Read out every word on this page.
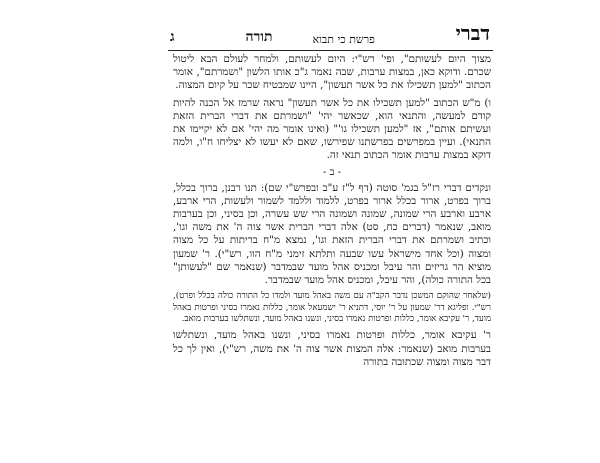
דברי
פרשת כי תבוא
תורה
ג

מצוך היום לעשותם", ופי' רש"י: היום לעשותם, ולמחר לעולם הבא ליטול שכרם. ודוקא כאן, במצות ערבות, שבה נאמר ג"כ אותו הלשון "ושמרתם", אומר הכתוב "למען תשכילו את כל אשר תעשון", היינו שמבטיח שכר על קיום המצוה.

ו) מ"ש הכתוב "למען תשכילו את כל אשר תעשון" נראה שרמז אל הכנה להיות קודם למעשה, והתנאי הוא, שכאשר יהי' "ושמרתם את דברי הברית הזאת ועשיתם אותם", אז "למען תשכילו גו'" (ואינו אומר מה יהי' אם לא יקיימו את התנאי). ועיין במפרשים בפרשתנו שפירשו, שאם לא יעשו לא יצליחו ח"ו, ולמה דוקא במצות ערבות אומר הכתוב תנאי זה.

- ב -

ונקדים דברי רז"ל בגמ' סוטה (דף ל"ז ע"ב ובפרש"י שם): תנו רבנן, ברוך בכלל, ברוך בפרט, ארור בכלל ארור בפרט, ללמוד וללמד לשמור ולעשות, הרי ארבע, ארבע וארבע הרי שמונה, שמונה ושמונה הרי שש עשרה, וכן בסיני, וכן בערבות מואב, שנאמר (דברים כח, סט) אלה דברי הברית אשר צוה ה' את משה וגו', וכתיב ושמרתם את דברי הברית הזאת וגו', נמצא מ"ח בריתות על כל מצוה ומצוה (וכל אחד מישראל עשו שבעה ותלתא זימני מ"ח הוו, רש"י). ר' שמעון מוציא הר גריזים והר עיבל ומכניס אהל מועד שבמדבר (שנאמר שם "לעשותן" בכל התורה כולה), והר עיבל, ומכניס אהל מועד שבמדבר.

(שלאחר שהוקם המשכן נדבר הקב"ה עם משה באהל מועד ולמדו כל התורה כולה בכלל ופרט), רש"י. ופליגא דר' שמעון על ר' יוסי, דתניא ר' ישמעאל אומר, כללות נאמרו בסיני ופרטות באהל מועד, ר' עקיבא אומר, כללות ופרטות נאמרו בסיני, ונשנו באהל מועד, ונשתלשו בערבות מואב.

ר' עקיבא אומר, כללות ופרטות נאמרו בסיני, ונשנו באהל מועד, ונשתלשו בערבות מואב (שנאמר: אלה המצות אשר צוה ה' את משה, רש"י), ואין לך כל דבר מצוה ומצוה שכתובה בתורה
